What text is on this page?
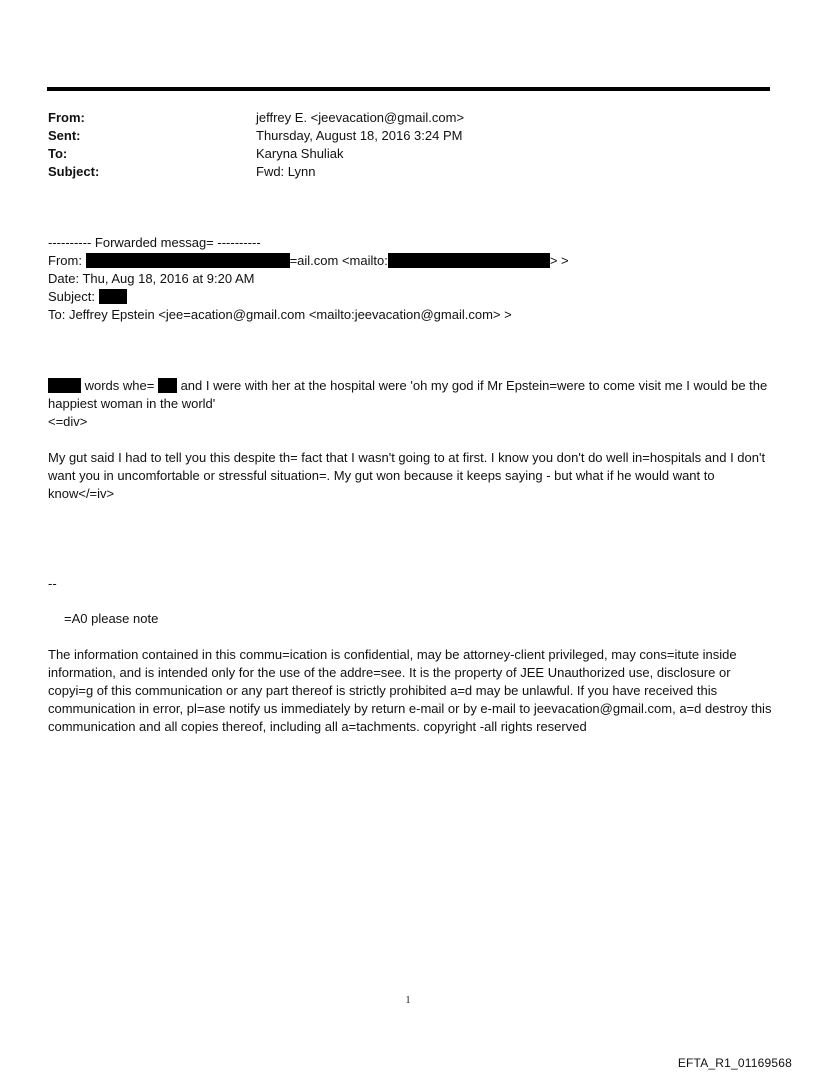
From:	jeffrey E. <jeevacation@gmail.com>
Sent:	Thursday, August 18, 2016 3:24 PM
To:	Karyna Shuliak
Subject:	Fwd: Lynn
---------- Forwarded messag= ----------
From:	=ail.com <mailto:	> >
Date: Thu, Aug 18, 2016 at 9:20 AM
Subject:
To: Jeffrey Epstein <jee=acation@gmail.com <mailto:jeevacation@gmail.com> >
words whe=  and I were with her at the hospital were 'oh my god if Mr Epstein=were to come visit me I would be the happiest woman in the world'
<=div>
My gut said I had to tell you this despite th= fact that I wasn't going to at first. I know you don't do well in=hospitals and I don't want you in uncomfortable or stressful situation=. My gut won because it keeps saying - but what if he would want to know</=iv>
--
=A0 please note
The information contained in this commu=ication is confidential, may be attorney-client privileged, may cons=itute inside information, and is intended only for the use of the addre=see. It is the property of JEE Unauthorized use, disclosure or copyi=g of this communication or any part thereof is strictly prohibited a=d may be unlawful. If you have received this communication in error, pl=ase notify us immediately by return e-mail or by e-mail to jeevacation@gmail.com, a=d destroy this communication and all copies thereof, including all a=tachments. copyright -all rights reserved
1
EFTA_R1_01169568
